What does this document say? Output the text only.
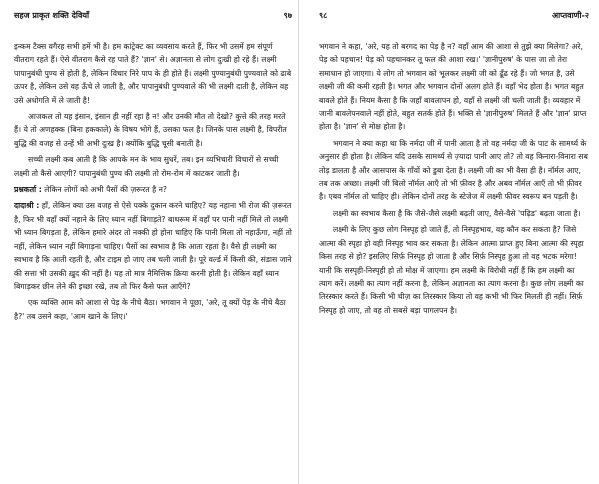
सहज प्राकृत शक्ति देवियाँ	९७

इन्कम टैक्स वगैरह सभी हमें भी है। हम कांट्रेक्ट का व्यवसाय करते हैं, फिर भी उसमें हम संपूर्ण वीतराग रहते हैं। ऐसे वीतराग कैसे रह पाते हैं? 'ज्ञान' से। अज्ञानता से लोग दुःखी हो रहे हैं। लक्ष्मी पापानुबंधी पुण्य से होती है, लेकिन विचार निरे पाप के ही होते हैं। लक्ष्मी पुण्यानुबंधी पुण्यवाले को ढाबे ऊपर है, लेकिन उसे वह ऊँचे ले जाती है, और पापानुबंधी पुण्यवाले की भी लक्ष्मी दाती है, लेकिन वह उसे अधोगति में ले जाती है!

आजकल तो यह इंसान, इंसान ही नहीं रहा है न! और उनकी मौत तो देखो? कुत्ते की तरह मरते हैं। ये तो अणहक्क (बिना हककाले) के विषय भोगे हैं, उसका फल है। जिनके पास लक्ष्मी है, विपरीत बुद्धि की वजह से उन्हें भी अभी दुःख है। क्योंकि बुद्धि चूसी बनाती है।

सच्ची लक्ष्मी कब आती है कि आपके मन के भाव सुधरें, तब। इन व्यभिचारी विचारों से सच्ची लक्ष्मी तो कैसे आएगी? पापानुबंधी पुण्य की लक्ष्मी तो रोम-रोम में काटकर जाती है।

प्रश्नकर्ता : लेकिन लोगों को अभी पैसों की ज़रूरत है न?

दादाश्री : हाँ, लेकिन क्या उस वजह से ऐसे पक्के दुकान करने चाहिए? यह नहाना भी रोज की ज़रूरत है, फिर भी वहाँ क्यों नहाने के लिए ध्यान नहीं बिगाड़ते? बाथरूम में वहाँ पर पानी नहीं मिले तो लक्ष्मी भी ध्यान बिगड़ता है, लेकिन हमारे अंदर तो नक्की हो होना चाहिए कि पानी मिला तो नहाऊँगा, नहीं तो नहीं, लेकिन ध्यान नहीं बिगाड़ना चाहिए। पैसों का स्वभाव है कि आता रहता है। वैसे ही लक्ष्मी का स्वभाव है कि आती रहती है, और टाइम हो जाए तब चली जाती है। पूरे वर्ल्ड में किसी की, संडास जाने की सत्ता भी उसकी ख़ुद की नहीं है। यह तो मात्र नैमित्तिक क्रिया करनी होती है। लेकिन वहाँ ध्यान बिगाड़कर छीन लेने की इच्छा रखे, तब तो फिर कैसे फल आएँगे?

एक व्यक्ति आम को आशा से पेड़ के नीचे बैठा। भगवान ने पूछा, 'अरे, तू क्यों पेड़ के नीचे बैठा है?' तब उसने कहा, 'आम खाने के लिए।'

९८	आप्तवाणी-२

भगवान ने कहा, 'अरे, यह तो बरगद का पेड़ है न? वहाँ आम की आशा से तुझे क्या मिलेगा? अरे, पेड़ को पहचान! पेड़ को पहचानकर तू फल की आशा रख।' 'ज्ञानीपुरुष' के पास जा तो तेरा समाधान हो जाएगा। ये लोग तो भगवान को भूलकर लक्ष्मी जी को ढूँढ रहे हैं। जो भगत है, उसे लक्ष्मी जी की कमी रहती है। भगत और भगवान दोनों अलग होते हैं। वहाँ भेद होता है। भगत बहुत बावले होते हैं। नियम कैसा है कि जहाँ बावलापन हो, वहाँ से लक्ष्मी जी चली जाती हैं। व्यवहार में जानी बावलेपनवाले नहीं होते, बहुत सतर्क होते हैं। भक्ति से 'ज्ञानीपुरुष' मिलते हैं और 'ज्ञान' प्राप्त होता है। 'ज्ञान' से मोक्ष होता है।

भगवान ने क्या कहा था कि नर्मदा जी में पानी आता है तो वह नर्मदा जी के पाट के सामर्थ्य के अनुसार ही होता है। लेकिन यदि उसके सामर्थ्य से ज़्यादा पानी आए तो? तो वह किनारा-विनारा सब तोड़ डालता है और आसपास के गाँवों को डुबा देता है। लक्ष्मी जी का भी वैसा ही है। नॉर्मल आए, तब तक अच्छा। लक्ष्मी जी बिलो नॉर्मल आएँ तो भी फ़ीवर है और अबव नॉर्मल आएँ तो भी फ़ीवर है। एबव नॉर्मल तो चाहिए ही। लेकिन दोनों तरह के स्टेजेज में लक्ष्मी फीवर स्वरूप बन पड़ती है।

लक्ष्मी का स्वभाव कैसा है कि जैसे-जैसे लक्ष्मी बढ़ती जाए, वैसे-वैसे 'पढ़िड' बढ़ता जाता है।

लक्ष्मी के लिए कुछ लोग निस्पृह हो जाते हैं, तो निस्पृहभाव, वह कौन कर सकता है? जिसे आत्मा की स्पृहा हो वही निस्पृह भाव कर सकता है। लेकिन आत्मा प्राप्त हुए बिना आत्मा की स्पृहा किस तरह से हो? इसलिए सिर्फ़ निस्पृह हो जाता है और सिर्फ़ निस्पृह हुआ तो वह भटक मरेगा! यानी कि सस्पृही-निस्पृही हो तो मोक्ष में जाएगा। हम लक्ष्मी के विरोधी नहीं हैं कि हम लक्ष्मी का त्याग करें। लक्ष्मी का त्याग नहीं करना है, लेकिन अज्ञानता का त्याग करना है। कुछ लोग लक्ष्मी का तिरस्कार करते हैं। किसी भी चीज़ का तिरस्कार किया तो वह कभी भी फिर मिलती ही नहीं। सिर्फ़ निस्पृह हो जाए, तो वह तो सबसे बड़ा पागलपन है।
